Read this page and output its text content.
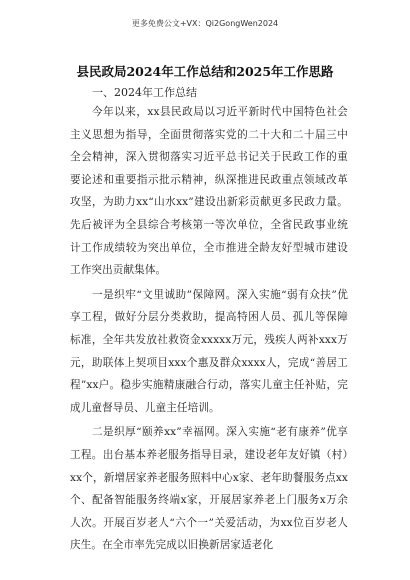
更多免费公文+VX：Qi2GongWen2024
县民政局2024年工作总结和2025年工作思路
一、2024年工作总结
今年以来，xx县民政局以习近平新时代中国特色社会主义思想为指导，全面贯彻落实党的二十大和二十届三中全会精神，深入贯彻落实习近平总书记关于民政工作的重要论述和重要指示批示精神，纵深推进民政重点领域改革攻坚，为助力xx“山水xx”建设出新彩贡献更多民政力量。先后被评为全县综合考核第一等次单位，全省民政事业统计工作成绩较为突出单位，全市推进全龄友好型城市建设工作突出贡献集体。
一是织牢“文里诚助”保障网。深入实施“弱有众扶”优享工程，做好分层分类救助，提高特困人员、孤儿等保障标准，全年共发放社救资金xxxxx万元，残疾人两补xxx万元，助联体上契项目xxx个惠及群众xxxx人，完成“善居工程”xx户。稳步实施精康融合行动，落实儿童主任补贴，完成儿童督导员、儿童主任培训。
二是织厚“颐养xx”幸福网。深入实施“老有康养”优享工程。出台基本养老服务指导目录，建设老年友好镇（村）xx个，新增居家养老服务照料中心x家、老年助餐服务点xx个、配备智能服务终端x家，开展居家养老上门服务x万余人次。开展百岁老人“六个一”关爱活动，为xx位百岁老人庆生。在全市率先完成以旧换新居家适老化
